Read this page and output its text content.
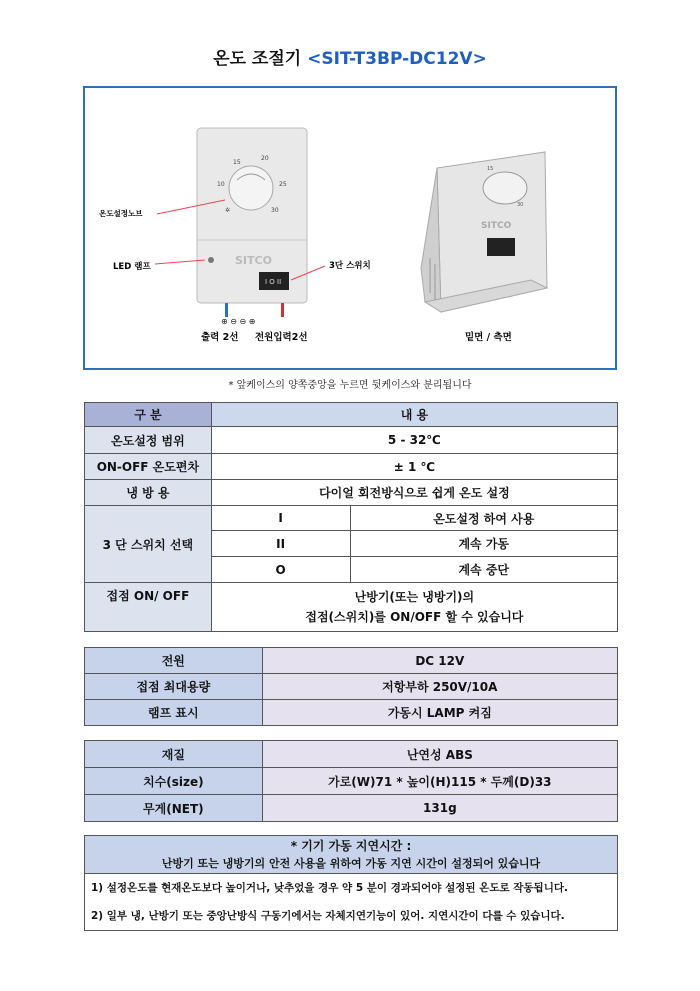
온도 조절기 <SIT-T3BP-DC12V>
15
20
25
10
30
✲
SITCO
I O II
⊕ ⊖ ⊖ ⊕
온도설정노브
LED 램프	3단 스위치
출력 2선 전원입력2선
15
30
SITCO
밑면 / 측면
* 앞케이스의 양쪽중앙을 누르면 뒷케이스와 분리됩니다
구 분	내 용	
온도설정 범위	5 - 32℃	
ON-OFF 온도편차	± 1 ℃	
냉 방 용	다이얼 회전방식으로 쉽게 온도 설정	
3 단 스위치 선택	I	온도설정 하여 사용
	II	계속 가동
	O	계속 중단
접점 ON/ OFF	난방기(또는 냉방기)의
접점(스위치)를 ON/OFF 할 수 있습니다	
전원	DC 12V
접점 최대용량	저항부하 250V/10A
램프 표시	가동시 LAMP 켜짐
재질	난연성 ABS
치수(size)	가로(W)71 * 높이(H)115 * 두께(D)33
무게(NET)	131g
* 기기 가동 지연시간 :
난방기 또는 냉방기의 안전 사용을 위하여 가동 지연 시간이 설정되어 있습니다

1) 설정온도를 현재온도보다 높이거나, 낮추었을 경우 약 5 분이 경과되어야 설정된 온도로 작동됩니다.
2) 일부 냉, 난방기 또는 중앙난방식 구동기에서는 자체지연기능이 있어. 지연시간이 다를 수 있습니다.
